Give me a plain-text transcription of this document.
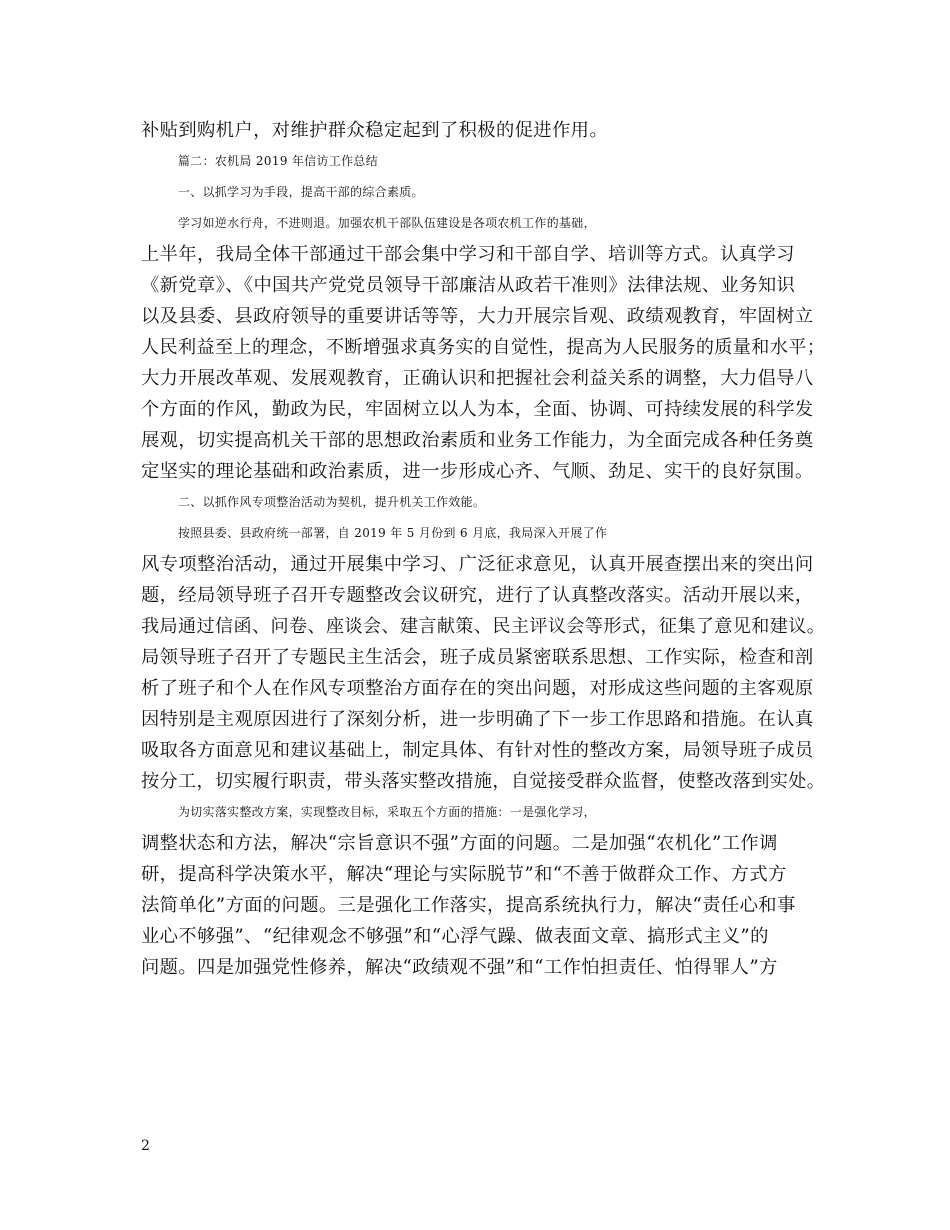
补贴到购机户，对维护群众稳定起到了积极的促进作用。
篇二：农机局 2019 年信访工作总结
一、以抓学习为手段，提高干部的综合素质。
学习如逆水行舟，不进则退。加强农机干部队伍建设是各项农机工作的基础，
上半年，我局全体干部通过干部会集中学习和干部自学、培训等方式。认真学习
《新党章》、《中国共产党党员领导干部廉洁从政若干准则》法律法规、业务知识
以及县委、县政府领导的重要讲话等等，大力开展宗旨观、政绩观教育，牢固树立
人民利益至上的理念，不断增强求真务实的自觉性，提高为人民服务的质量和水平；
大力开展改革观、发展观教育，正确认识和把握社会利益关系的调整，大力倡导八
个方面的作风，勤政为民，牢固树立以人为本，全面、协调、可持续发展的科学发
展观，切实提高机关干部的思想政治素质和业务工作能力，为全面完成各种任务奠
定坚实的理论基础和政治素质，进一步形成心齐、气顺、劲足、实干的良好氛围。
二、以抓作风专项整治活动为契机，提升机关工作效能。
按照县委、县政府统一部署，自 2019 年 5 月份到 6 月底，我局深入开展了作
风专项整治活动，通过开展集中学习、广泛征求意见，认真开展查摆出来的突出问
题，经局领导班子召开专题整改会议研究，进行了认真整改落实。活动开展以来，
我局通过信函、问卷、座谈会、建言献策、民主评议会等形式，征集了意见和建议。
局领导班子召开了专题民主生活会，班子成员紧密联系思想、工作实际，检查和剖
析了班子和个人在作风专项整治方面存在的突出问题，对形成这些问题的主客观原
因特别是主观原因进行了深刻分析，进一步明确了下一步工作思路和措施。在认真
吸取各方面意见和建议基础上，制定具体、有针对性的整改方案，局领导班子成员
按分工，切实履行职责，带头落实整改措施，自觉接受群众监督，使整改落到实处。
为切实落实整改方案，实现整改目标，采取五个方面的措施：一是强化学习，
调整状态和方法，解决“宗旨意识不强”方面的问题。二是加强“农机化”工作调
研，提高科学决策水平，解决“理论与实际脱节”和“不善于做群众工作、方式方
法简单化”方面的问题。三是强化工作落实，提高系统执行力，解决“责任心和事
业心不够强”、“纪律观念不够强”和“心浮气躁、做表面文章、搞形式主义”的
问题。四是加强党性修养，解决“政绩观不强”和“工作怕担责任、怕得罪人”方
2
